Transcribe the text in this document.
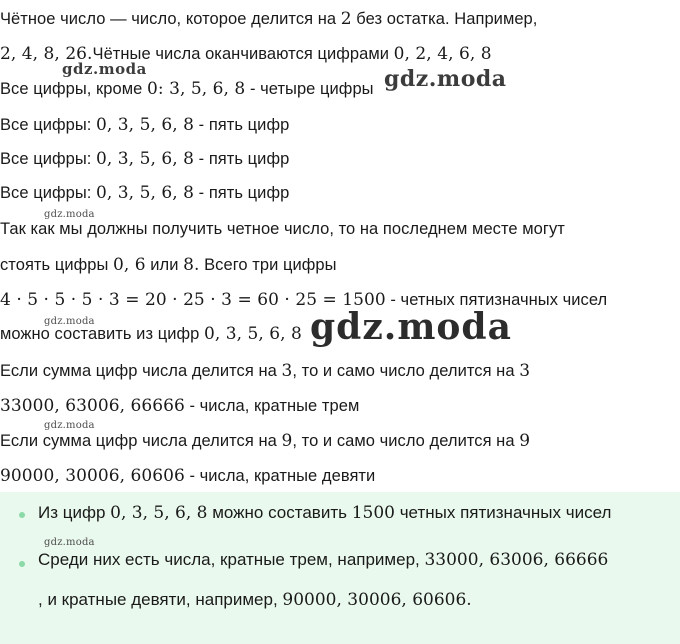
Чётное число — число, которое делится на 2 без остатка. Например,
2, 4, 8, 26.Чётные числа оканчиваются цифрами 0, 2, 4, 6, 8
Все цифры, кроме 0: 3, 5, 6, 8 - четыре цифры
Все цифры: 0, 3, 5, 6, 8 - пять цифр
Все цифры: 0, 3, 5, 6, 8 - пять цифр
Все цифры: 0, 3, 5, 6, 8 - пять цифр
Так как мы должны получить четное число, то на последнем месте могут
стоять цифры 0, 6 или 8. Всего три цифры
4 · 5 · 5 · 5 · 3 = 20 · 25 · 3 = 60 · 25 = 1500 - четных пятизначных чисел
можно составить из цифр 0, 3, 5, 6, 8
Если сумма цифр числа делится на 3, то и само число делится на 3
33000, 63006, 66666 - числа, кратные трем
Если сумма цифр числа делится на 9, то и само число делится на 9
90000, 30006, 60606 - числа, кратные девяти
Из цифр 0, 3, 5, 6, 8 можно составить 1500 четных пятизначных чисел
Среди них есть числа, кратные трем, например, 33000, 63006, 66666
, и кратные девяти, например, 90000, 30006, 60606.
gdz.moda	gdz.moda
gdz.moda
gdz.moda	gdz.moda
gdz.moda
gdz.moda
